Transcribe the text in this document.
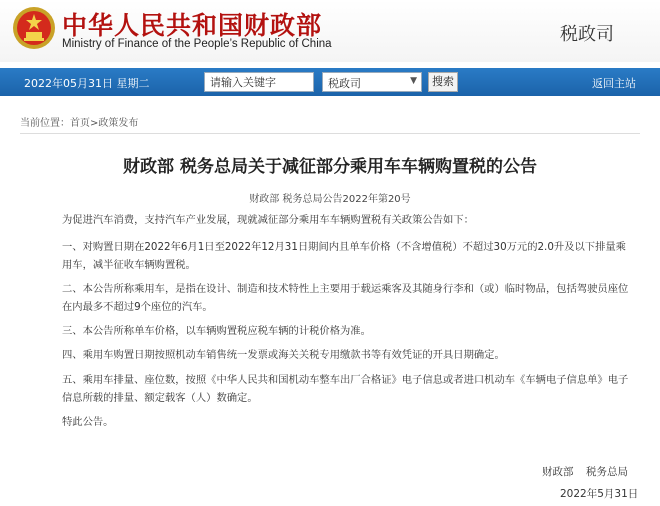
中华人民共和国财政部
Ministry of Finance of the People’s Republic of China	税政司
2022年05月31日 星期二
请输入关键字	税政司	▼	搜索	返回主站
当前位置：首页>政策发布
财政部 税务总局关于减征部分乘用车车辆购置税的公告
财政部 税务总局公告2022年第20号
为促进汽车消费，支持汽车产业发展，现就减征部分乘用车车辆购置税有关政策公告如下：
一、对购置日期在2022年6月1日至2022年12月31日期间内且单车价格（不含增值税）不超过30万元的2.0升及以下排量乘用车，减半征收车辆购置税。
二、本公告所称乘用车，是指在设计、制造和技术特性上主要用于载运乘客及其随身行李和（或）临时物品，包括驾驶员座位在内最多不超过9个座位的汽车。
三、本公告所称单车价格，以车辆购置税应税车辆的计税价格为准。
四、乘用车购置日期按照机动车销售统一发票或海关关税专用缴款书等有效凭证的开具日期确定。
五、乘用车排量、座位数，按照《中华人民共和国机动车整车出厂合格证》电子信息或者进口机动车《车辆电子信息单》电子信息所载的排量、额定载客（人）数确定。
特此公告。
财政部 税务总局
2022年5月31日
